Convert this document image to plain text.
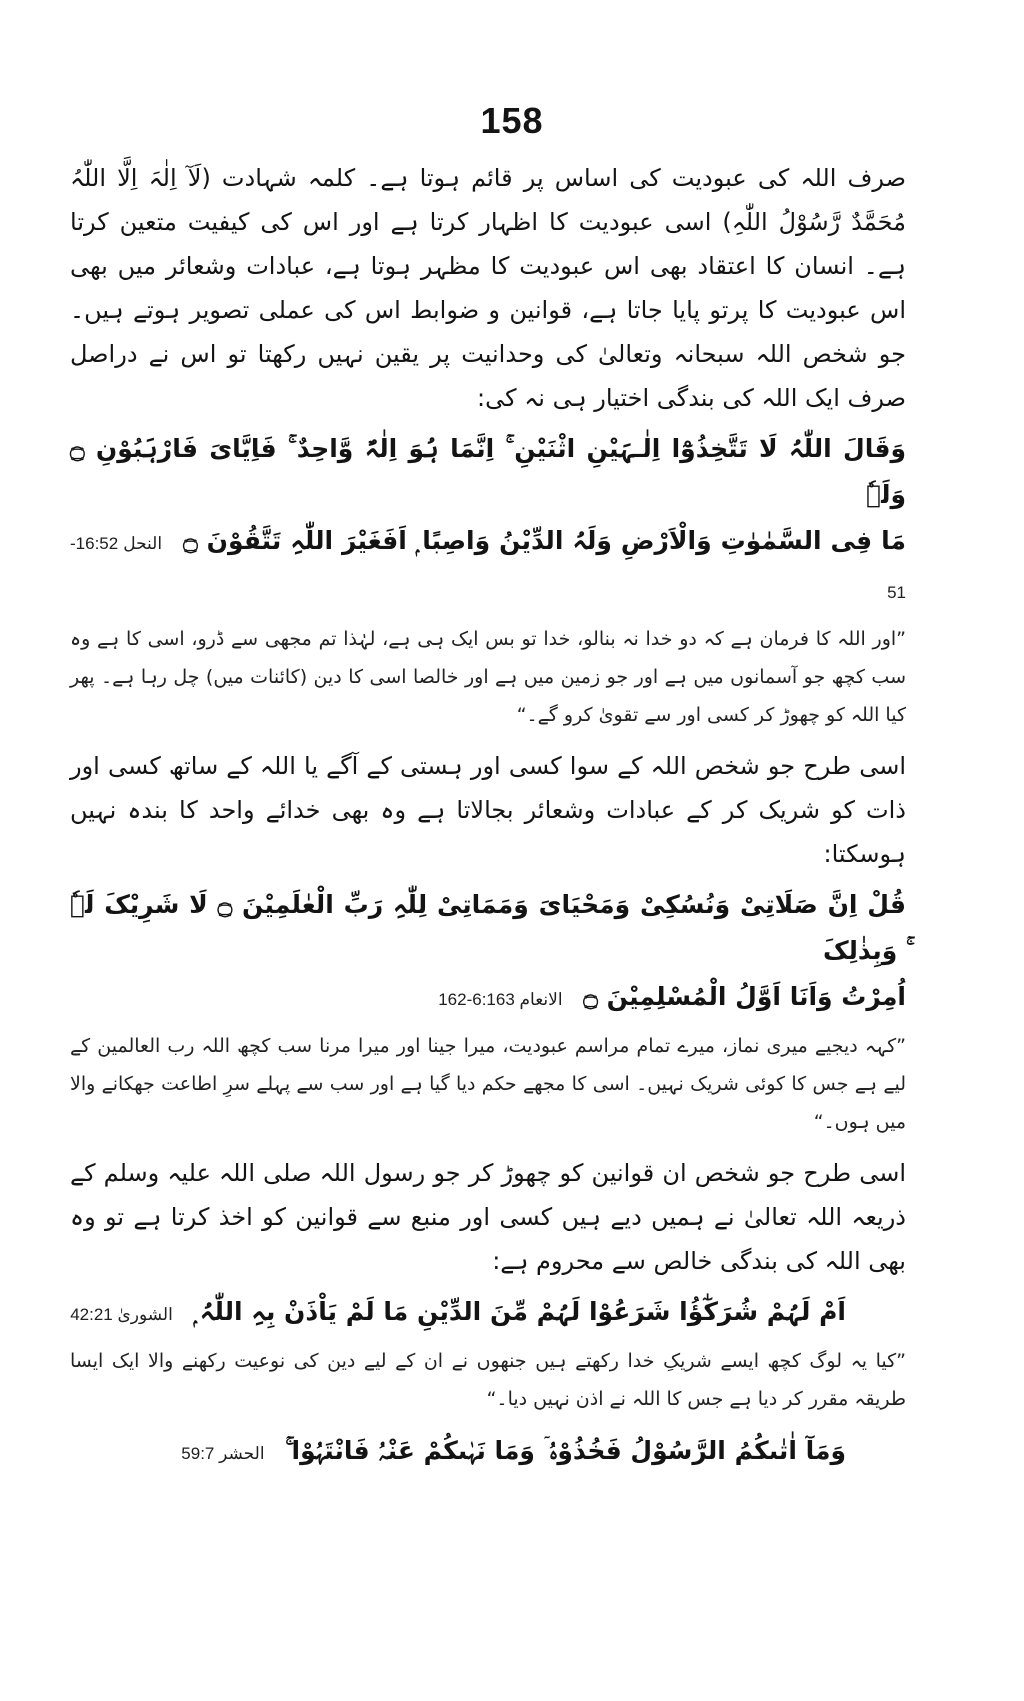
158

صرف اللہ کی عبودیت کی اساس پر قائم ہوتا ہے۔ کلمہ شہادت (لَآ اِلٰہَ اِلَّا اللّٰہُ مُحَمَّدٌ رَّسُوْلُ اللّٰہِ) اسی عبودیت کا اظہار کرتا ہے اور اس کی کیفیت متعین کرتا ہے۔ انسان کا اعتقاد بھی اس عبودیت کا مظہر ہوتا ہے، عبادات وشعائر میں بھی اس عبودیت کا پرتو پایا جاتا ہے، قوانین و ضوابط اس کی عملی تصویر ہوتے ہیں۔ جو شخص اللہ سبحانہ وتعالیٰ کی وحدانیت پر یقین نہیں رکھتا تو اس نے دراصل صرف ایک اللہ کی بندگی اختیار ہی نہ کی:

وَقَالَ اللّٰہُ لَا تَتَّخِذُوْٓا اِلٰـہَیْنِ اثْنَیْنِ ۚ اِنَّمَا ہُوَ اِلٰہٌ وَّاحِدٌ ۚ فَاِیَّایَ فَارْہَبُوْنِ ۝ وَلَہٗ
مَا فِی السَّمٰوٰتِ وَالْاَرْضِ وَلَہُ الدِّیْنُ وَاصِبًا ۭ اَفَغَیْرَ اللّٰہِ تَتَّقُوْنَ ۝ النحل 16:52-51

”اور اللہ کا فرمان ہے کہ دو خدا نہ بنالو، خدا تو بس ایک ہی ہے، لہٰذا تم مجھی سے ڈرو، اسی کا ہے وہ سب کچھ جو آسمانوں میں ہے اور جو زمین میں ہے اور خالصا اسی کا دین (کائنات میں) چل رہا ہے۔ پھر کیا اللہ کو چھوڑ کر کسی اور سے تقویٰ کرو گے۔“

اسی طرح جو شخص اللہ کے سوا کسی اور ہستی کے آگے یا اللہ کے ساتھ کسی اور ذات کو شریک کر کے عبادات وشعائر بجالاتا ہے وہ بھی خدائے واحد کا بندہ نہیں ہوسکتا:

قُلْ اِنَّ صَلَاتِیْ وَنُسُکِیْ وَمَحْیَایَ وَمَمَاتِیْ لِلّٰہِ رَبِّ الْعٰلَمِیْنَ ۝ لَا شَرِیْکَ لَہٗ ۚ وَبِذٰلِکَ
اُمِرْتُ وَاَنَا اَوَّلُ الْمُسْلِمِیْنَ ۝ الانعام 6:163-162

”کہہ دیجیے میری نماز، میرے تمام مراسم عبودیت، میرا جینا اور میرا مرنا سب کچھ اللہ رب العالمین کے لیے ہے جس کا کوئی شریک نہیں۔ اسی کا مجھے حکم دیا گیا ہے اور سب سے پہلے سرِ اطاعت جھکانے والا میں ہوں۔“

اسی طرح جو شخص ان قوانین کو چھوڑ کر جو رسول اللہ صلی اللہ علیہ وسلم کے ذریعہ اللہ تعالیٰ نے ہمیں دیے ہیں کسی اور منبع سے قوانین کو اخذ کرتا ہے تو وہ بھی اللہ کی بندگی خالص سے محروم ہے:

اَمْ لَہُمْ شُرَکٰٓؤُا شَرَعُوْا لَہُمْ مِّنَ الدِّیْنِ مَا لَمْ یَاْذَنْ بِہِ اللّٰہُ ۭ الشوریٰ 42:21

”کیا یہ لوگ کچھ ایسے شریکِ خدا رکھتے ہیں جنھوں نے ان کے لیے دین کی نوعیت رکھنے والا ایک ایسا طریقہ مقرر کر دیا ہے جس کا اللہ نے اذن نہیں دیا۔“

وَمَآ اٰتٰىکُمُ الرَّسُوْلُ فَخُذُوْہُ ۤ وَمَا نَہٰىکُمْ عَنْہُ فَانْتَہُوْا ۚ الحشر 59:7
